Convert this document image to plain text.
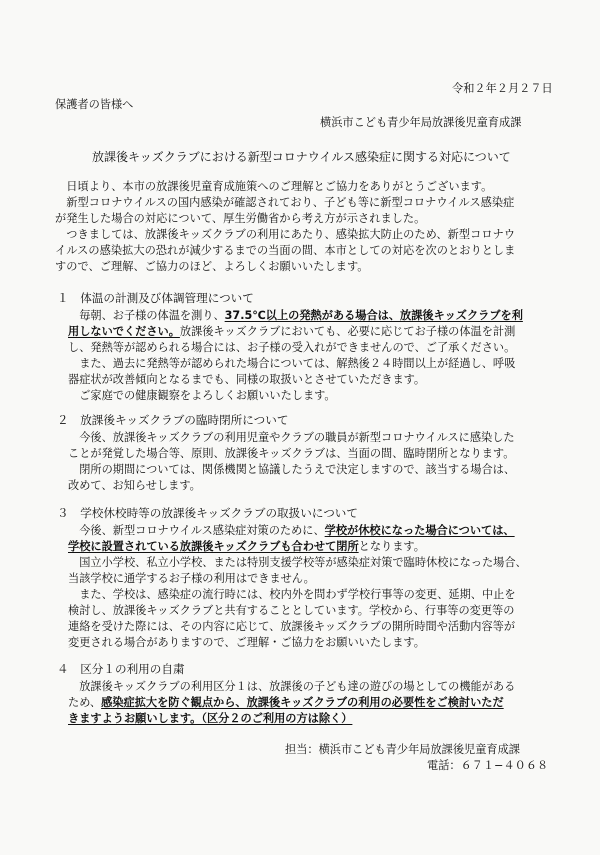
令和２年２月２７日
保護者の皆様へ
横浜市こども青少年局放課後児童育成課
放課後キッズクラブにおける新型コロナウイルス感染症に関する対応について
　日頃より、本市の放課後児童育成施策へのご理解とご協力をありがとうございます。
　新型コロナウイルスの国内感染が確認されており、子ども等に新型コロナウイルス感染症
が発生した場合の対応について、厚生労働省から考え方が示されました。
　つきましては、放課後キッズクラブの利用にあたり、感染拡大防止のため、新型コロナウ
イルスの感染拡大の恐れが減少するまでの当面の間、本市としての対応を次のとおりとしま
すので、ご理解、ご協力のほど、よろしくお願いいたします。
１　体温の計測及び体調管理について
　毎朝、お子様の体温を測り、37.5℃以上の発熱がある場合は、放課後キッズクラブを利
用しないでください。放課後キッズクラブにおいても、必要に応じてお子様の体温を計測
し、発熱等が認められる場合には、お子様の受入れができませんので、ご了承ください。
　また、過去に発熱等が認められた場合については、解熱後２４時間以上が経過し、呼吸
器症状が改善傾向となるまでも、同様の取扱いとさせていただきます。
　ご家庭での健康観察をよろしくお願いいたします。
２　放課後キッズクラブの臨時閉所について
　今後、放課後キッズクラブの利用児童やクラブの職員が新型コロナウイルスに感染した
ことが発覚した場合等、原則、放課後キッズクラブは、当面の間、臨時閉所となります。
　閉所の期間については、関係機関と協議したうえで決定しますので、該当する場合は、
改めて、お知らせします。
３　学校休校時等の放課後キッズクラブの取扱いについて
　今後、新型コロナウイルス感染症対策のために、学校が休校になった場合については、
学校に設置されている放課後キッズクラブも合わせて閉所となります。
　国立小学校、私立小学校、または特別支援学校等が感染症対策で臨時休校になった場合、
当該学校に通学するお子様の利用はできません。
　また、学校は、感染症の流行時には、校内外を問わず学校行事等の変更、延期、中止を
検討し、放課後キッズクラブと共有することとしています。学校から、行事等の変更等の
連絡を受けた際には、その内容に応じて、放課後キッズクラブの開所時間や活動内容等が
変更される場合がありますので、ご理解・ご協力をお願いいたします。
４　区分１の利用の自粛
　放課後キッズクラブの利用区分１は、放課後の子ども達の遊びの場としての機能がある
ため、感染症拡大を防ぐ観点から、放課後キッズクラブの利用の必要性をご検討いただ
きますようお願いします。（区分２のご利用の方は除く）
担当：横浜市こども青少年局放課後児童育成課
電話：６７１−４０６８
